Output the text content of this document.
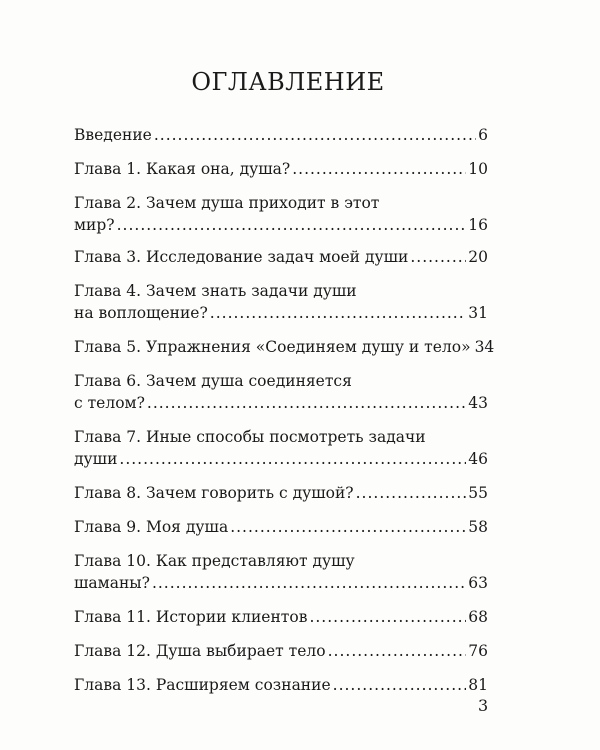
ОГЛАВЛЕНИЕ
Введение .....	6
Глава 1. Какая она, душа? .....	10
Глава 2. Зачем душа приходит в этот
мир? .....	16
Глава 3. Исследование задач моей души .....	20
Глава 4. Зачем знать задачи души
на воплощение? .....	31
Глава 5. Упражнения «Соединяем душу и тело» 34
Глава 6. Зачем душа соединяется
с телом? .....	43
Глава 7. Иные способы посмотреть задачи
души .....	46
Глава 8. Зачем говорить с душой? .....	55
Глава 9. Моя душа .....	58
Глава 10. Как представляют душу
шаманы? .....	63
Глава 11. Истории клиентов .....	68
Глава 12. Душа выбирает тело .....	76
Глава 13. Расширяем сознание .....	81
3
